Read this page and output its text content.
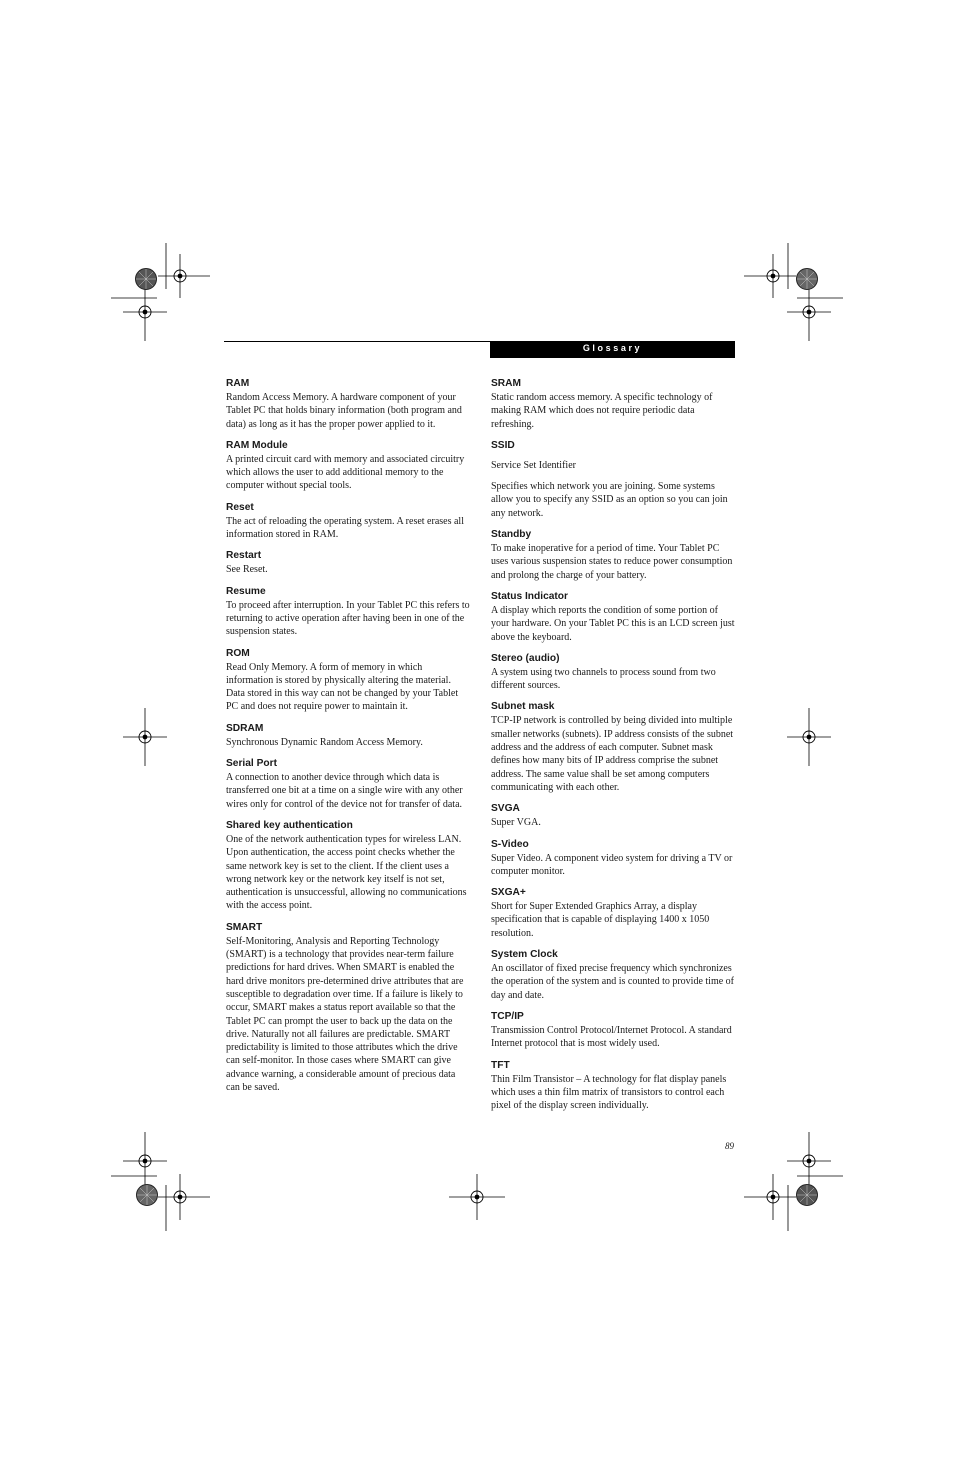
Glossary
RAM

Random Access Memory. A hardware component of your Tablet PC that holds binary information (both program and data) as long as it has the proper power applied to it.

RAM Module

A printed circuit card with memory and associated circuitry which allows the user to add additional memory to the computer without special tools.

Reset

The act of reloading the operating system. A reset erases all information stored in RAM.

Restart

See Reset.

Resume

To proceed after interruption. In your Tablet PC this refers to returning to active operation after having been in one of the suspension states.

ROM

Read Only Memory. A form of memory in which information is stored by physically altering the material. Data stored in this way can not be changed by your Tablet PC and does not require power to maintain it.

SDRAM

Synchronous Dynamic Random Access Memory.

Serial Port

A connection to another device through which data is transferred one bit at a time on a single wire with any other wires only for control of the device not for transfer of data.

Shared key authentication

One of the network authentication types for wireless LAN. Upon authentication, the access point checks whether the same network key is set to the client. If the client uses a wrong network key or the network key itself is not set, authentication is unsuccessful, allowing no communications with the access point.

SMART

Self-Monitoring, Analysis and Reporting Technology (SMART) is a technology that provides near-term failure predictions for hard drives. When SMART is enabled the hard drive monitors pre-determined drive attributes that are susceptible to degradation over time. If a failure is likely to occur, SMART makes a status report available so that the Tablet PC can prompt the user to back up the data on the drive. Naturally not all failures are predictable. SMART predictability is limited to those attributes which the drive can self-monitor. In those cases where SMART can give advance warning, a considerable amount of precious data can be saved.

SRAM

Static random access memory. A specific technology of making RAM which does not require periodic data refreshing.

SSID

Service Set Identifier

Specifies which network you are joining. Some systems allow you to specify any SSID as an option so you can join any network.

Standby

To make inoperative for a period of time. Your Tablet PC uses various suspension states to reduce power consumption and prolong the charge of your battery.

Status Indicator

A display which reports the condition of some portion of your hardware. On your Tablet PC this is an LCD screen just above the keyboard.

Stereo (audio)

A system using two channels to process sound from two different sources.

Subnet mask

TCP-IP network is controlled by being divided into multiple smaller networks (subnets). IP address consists of the subnet address and the address of each computer. Subnet mask defines how many bits of IP address comprise the subnet address. The same value shall be set among computers communicating with each other.

SVGA

Super VGA.

S-Video

Super Video. A component video system for driving a TV or computer monitor.

SXGA+

Short for Super Extended Graphics Array, a display specification that is capable of displaying 1400 x 1050 resolution.

System Clock

An oscillator of fixed precise frequency which synchronizes the operation of the system and is counted to provide time of day and date.

TCP/IP

Transmission Control Protocol/Internet Protocol. A standard Internet protocol that is most widely used.

TFT

Thin Film Transistor – A technology for flat display panels which uses a thin film matrix of transistors to control each pixel of the display screen individually.

89
